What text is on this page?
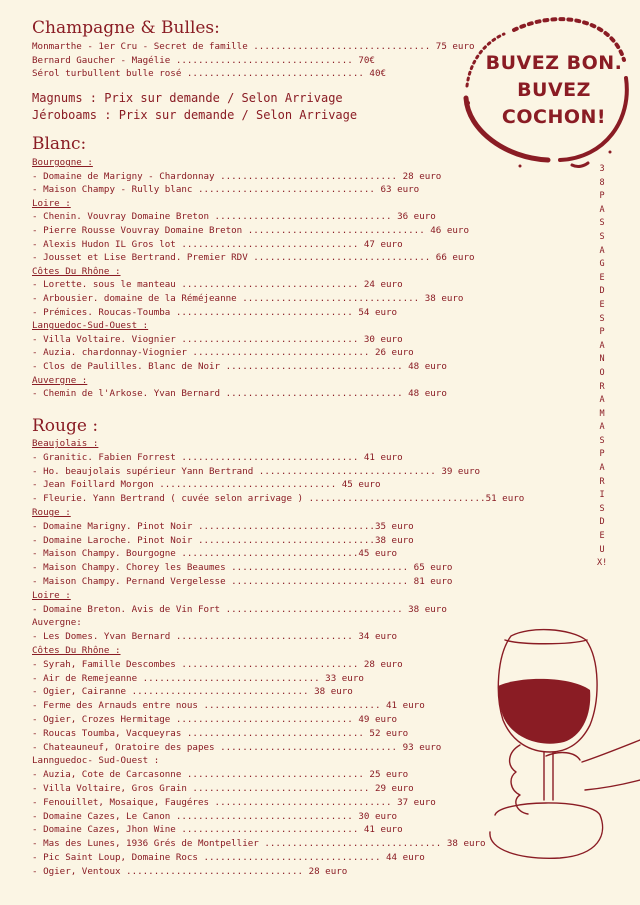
Champagne & Bulles:
Monmarthe - 1er Cru - Secret de famille ................................ 75 euro
Bernard Gaucher - Magélie ................................ 70€
Sérol turbullent bulle rosé ................................ 40€
Magnums : Prix sur demande / Selon Arrivage
Jéroboams : Prix sur demande / Selon Arrivage
Blanc:
Bourgogne :
- Domaine de Marigny - Chardonnay ................................ 28 euro
- Maison Champy - Rully blanc ................................ 63 euro
Loire :
- Chenin. Vouvray Domaine Breton ................................ 36 euro
- Pierre Rousse Vouvray Domaine Breton ................................ 46 euro
- Alexis Hudon IL Gros lot ................................ 47 euro
- Jousset et Lise Bertrand. Premier RDV ................................ 66 euro
Côtes Du Rhône :
- Lorette. sous le manteau ................................ 24 euro
- Arbousier. domaine de la Réméjeanne ................................ 38 euro
- Prémices. Roucas-Toumba ................................ 54 euro
Languedoc-Sud-Ouest :
- Villa Voltaire. Viognier ................................ 30 euro
- Auzia. chardonnay-Viognier ................................ 26 euro
- Clos de Paulilles. Blanc de Noir ................................ 48 euro
Auvergne :
- Chemin de l'Arkose. Yvan Bernard ................................ 48 euro
Rouge :
Beaujolais :
- Granitic. Fabien Forrest ................................ 41 euro
- Ho. beaujolais supérieur Yann Bertrand ................................ 39 euro
- Jean Foillard Morgon ................................ 45 euro
- Fleurie. Yann Bertrand ( cuvée selon arrivage ) ................................51 euro
Rouge :
- Domaine Marigny. Pinot Noir ................................35 euro
- Domaine Laroche. Pinot Noir ................................38 euro
- Maison Champy. Bourgogne ................................45 euro
- Maison Champy. Chorey les Beaumes ................................ 65 euro
- Maison Champy. Pernand Vergelesse ................................ 81 euro
Loire :
- Domaine Breton. Avis de Vin Fort ................................ 38 euro
Auvergne:
- Les Domes. Yvan Bernard ................................ 34 euro
Côtes Du Rhône :
- Syrah, Famille Descombes ................................ 28 euro
- Air de Remejeanne ................................ 33 euro
- Ogier, Cairanne ................................ 38 euro
- Ferme des Arnauds entre nous ................................ 41 euro
- Ogier, Crozes Hermitage ................................ 49 euro
- Roucas Toumba, Vacqueyras ................................ 52 euro
- Chateauneuf, Oratoire des papes ................................ 93 euro
Lannguedoc- Sud-Ouest :
- Auzia, Cote de Carcasonne ................................ 25 euro
- Villa Voltaire, Gros Grain ................................ 29 euro
- Fenouillet, Mosaique, Faugéres ................................ 37 euro
- Domaine Cazes, Le Canon ................................ 30 euro
- Domaine Cazes, Jhon Wine ................................ 41 euro
- Mas des Lunes, 1936 Grés de Montpellier ................................ 38 euro
- Pic Saint Loup, Domaine Rocs ................................ 44 euro
- Ogier, Ventoux ................................ 28 euro
BUVEZ BON.
BUVEZ
COCHON!
38PASSAGEDESPANORAMASPARISDEUX!
